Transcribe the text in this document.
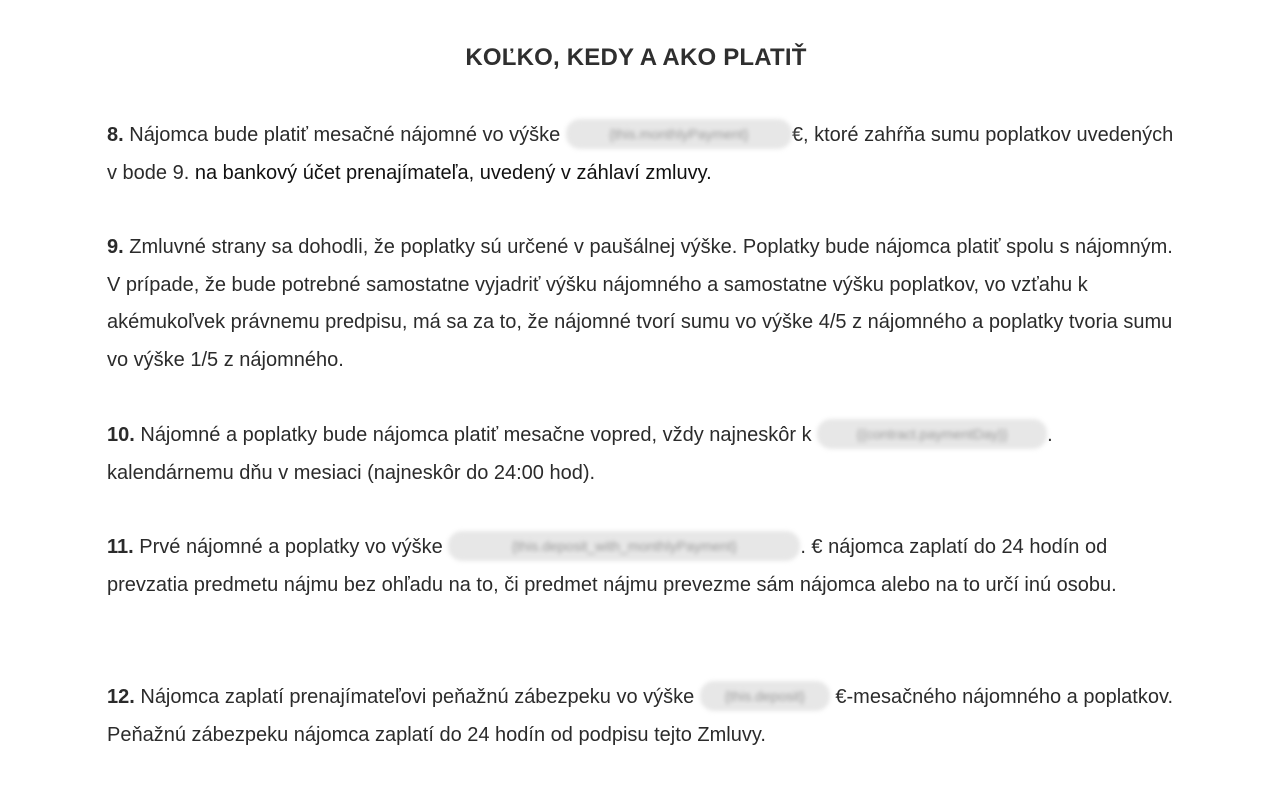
KOĽKO, KEDY A AKO PLATIŤ
8. Nájomca bude platiť mesačné nájomné vo výške	{this.monthlyPayment} €, ktoré zahŕňa sumu poplatkov uvedených v bode 9. na bankový účet prenajímateľa, uvedený v záhlaví zmluvy.
9. Zmluvné strany sa dohodli, že poplatky sú určené v paušálnej výške. Poplatky bude nájomca platiť spolu s nájomným. V prípade, že bude potrebné samostatne vyjadriť výšku nájomného a samostatne výšku poplatkov, vo vzťahu k akémukoľvek právnemu predpisu, má sa za to, že nájomné tvorí sumu vo výške 4/5 z nájomného a poplatky tvoria sumu vo výške 1/5 z nájomného.
10. Nájomné a poplatky bude nájomca platiť mesačne vopred, vždy najneskôr k	{{contract.paymentDay}} . kalendárnemu dňu v mesiaci (najneskôr do 24:00 hod).
11. Prvé nájomné a poplatky vo výške	{this.deposit_with_monthlyPayment}	. € nájomca zaplatí do 24 hodín od prevzatia predmetu nájmu bez ohľadu na to, či predmet nájmu prevezme sám nájomca alebo na to určí inú osobu.
12. Nájomca zaplatí prenajímateľovi peňažnú zábezpeku vo výške {this.deposit} €-mesačného nájomného a poplatkov. Peňažnú zábezpeku nájomca zaplatí do 24 hodín od podpisu tejto Zmluvy.
